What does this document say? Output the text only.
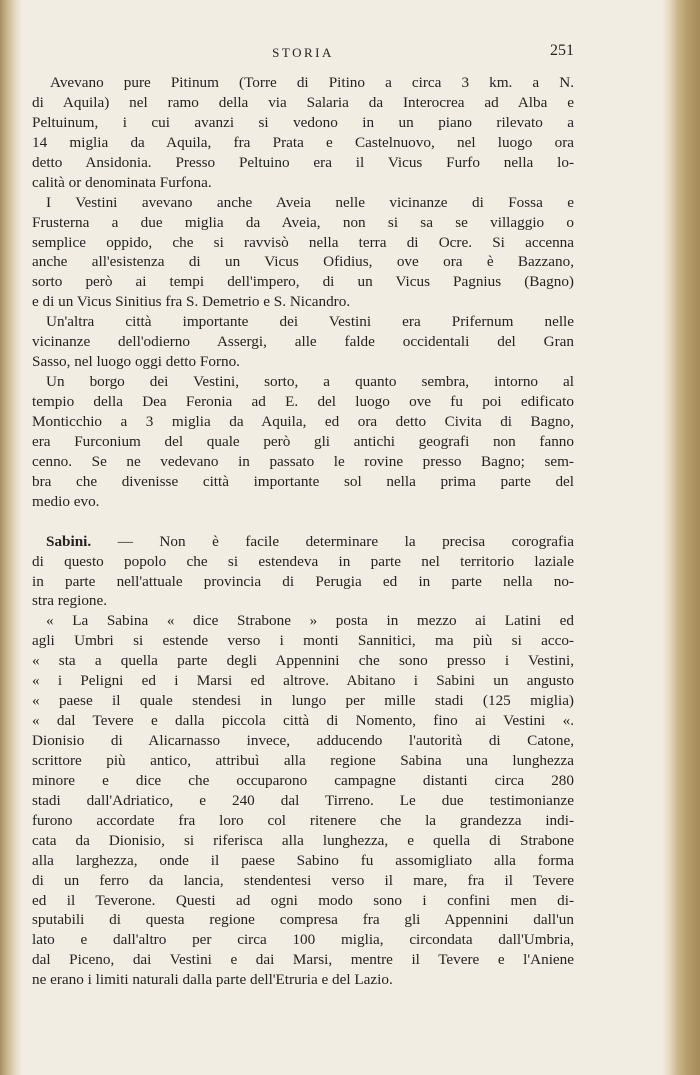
STORIA	251
Avevano pure Pitinum (Torre di Pitino a circa 3 km. a N.
di Aquila) nel ramo della via Salaria da Interocrea ad Alba e
Peltuinum, i cui avanzi si vedono in un piano rilevato a
14 miglia da Aquila, fra Prata e Castelnuovo, nel luogo ora
detto Ansidonia. Presso Peltuino era il Vicus Furfo nella lo-
calità or denominata Furfona.
I Vestini avevano anche Aveia nelle vicinanze di Fossa e
Frusterna a due miglia da Aveia, non si sa se villaggio o
semplice oppido, che si ravvisò nella terra di Ocre. Si accenna
anche all'esistenza di un Vicus Ofidius, ove ora è Bazzano,
sorto però ai tempi dell'impero, di un Vicus Pagnius (Bagno)
e di un Vicus Sinitius fra S. Demetrio e S. Nicandro.
Un'altra città importante dei Vestini era Prifernum nelle
vicinanze dell'odierno Assergi, alle falde occidentali del Gran
Sasso, nel luogo oggi detto Forno.
Un borgo dei Vestini, sorto, a quanto sembra, intorno al
tempio della Dea Feronia ad E. del luogo ove fu poi edificato
Monticchio a 3 miglia da Aquila, ed ora detto Civita di Bagno,
era Furconium del quale però gli antichi geografi non fanno
cenno. Se ne vedevano in passato le rovine presso Bagno; sem-
bra che divenisse città importante sol nella prima parte del
medio evo.
Sabini. — Non è facile determinare la precisa corografia
di questo popolo che si estendeva in parte nel territorio laziale
in parte nell'attuale provincia di Perugia ed in parte nella no-
stra regione.
« La Sabina « dice Strabone » posta in mezzo ai Latini ed
agli Umbri si estende verso i monti Sannitici, ma più si acco-
« sta a quella parte degli Appennini che sono presso i Vestini,
« i Peligni ed i Marsi ed altrove. Abitano i Sabini un angusto
« paese il quale stendesi in lungo per mille stadi (125 miglia)
« dal Tevere e dalla piccola città di Nomento, fino ai Vestini «.
Dionisio di Alicarnasso invece, adducendo l'autorità di Catone,
scrittore più antico, attribuì alla regione Sabina una lunghezza
minore e dice che occuparono campagne distanti circa 280
stadi dall'Adriatico, e 240 dal Tirreno. Le due testimonianze
furono accordate fra loro col ritenere che la grandezza indi-
cata da Dionisio, si riferisca alla lunghezza, e quella di Strabone
alla larghezza, onde il paese Sabino fu assomigliato alla forma
di un ferro da lancia, stendentesi verso il mare, fra il Tevere
ed il Teverone. Questi ad ogni modo sono i confini men di-
sputabili di questa regione compresa fra gli Appennini dall'un
lato e dall'altro per circa 100 miglia, circondata dall'Umbria,
dal Piceno, dai Vestini e dai Marsi, mentre il Tevere e l'Aniene
ne erano i limiti naturali dalla parte dell'Etruria e del Lazio.
